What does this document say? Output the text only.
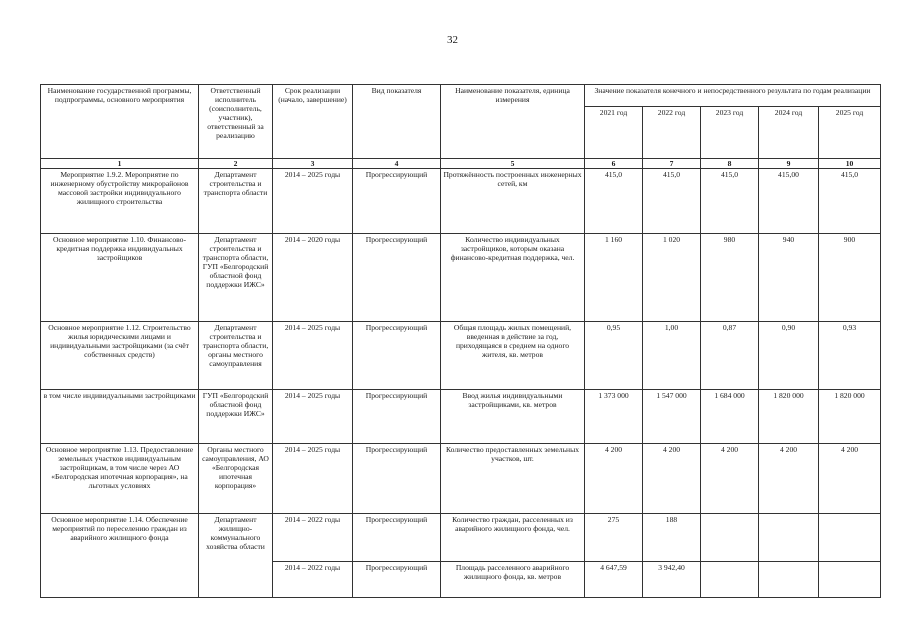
32
Наименование государственной программы, подпрограммы, основного мероприятия	Ответственный исполнитель (соисполнитель, участник), ответственный за реализацию	Срок реализации (начало, завершение)	Вид показателя	Наименование показателя, единица измерения	Значение показателя конечного и непосредственного результата по годам реализации				
					2021 год	2022 год	2023 год	2024 год	2025 год
1	2	3	4	5	6	7	8	9	10
Мероприятие 1.9.2. Мероприятие по инженерному обустройству микрорайонов массовой застройки индивидуального жилищного строительства	Департамент строительства и транспорта области	2014 – 2025 годы	Прогрессирующий	Протяжённость построенных инженерных сетей, км	415,0	415,0	415,0	415,00	415,0
Основное мероприятие 1.10. Финансово-кредитная поддержка индивидуальных застройщиков	Департамент строительства и транспорта области, ГУП «Белгородский областной фонд поддержки ИЖС»	2014 – 2020 годы	Прогрессирующий	Количество индивидуальных застройщиков, которым оказана финансово-кредитная поддержка, чел.	1 160	1 020	980	940	900
Основное мероприятие 1.12. Строительство жилья юридическими лицами и индивидуальными застройщиками (за счёт собственных средств)	Департамент строительства и транспорта области, органы местного самоуправления	2014 – 2025 годы	Прогрессирующий	Общая площадь жилых помещений, введенная в действие за год, приходящаяся в среднем на одного жителя, кв. метров	0,95	1,00	0,87	0,90	0,93
в том числе индивидуальными застройщиками	ГУП «Белгородский областной фонд поддержки ИЖС»	2014 – 2025 годы	Прогрессирующий	Ввод жилья индивидуальными застройщиками, кв. метров	1 373 000	1 547 000	1 684 000	1 820 000	1 820 000
Основное мероприятие 1.13. Предоставление земельных участков индивидуальным застройщикам, в том числе через АО «Белгородская ипотечная корпорация», на льготных условиях	Органы местного самоуправления, АО «Белгородская ипотечная корпорация»	2014 – 2025 годы	Прогрессирующий	Количество предоставленных земельных участков, шт.	4 200	4 200	4 200	4 200	4 200
Основное мероприятие 1.14. Обеспечение мероприятий по переселению граждан из аварийного жилищного фонда	Департамент жилищно-коммунального хозяйства области	2014 – 2022 годы	Прогрессирующий	Количество граждан, расселенных из аварийного жилищного фонда, чел.	275	188			
		2014 – 2022 годы	Прогрессирующий	Площадь расселенного аварийного жилищного фонда, кв. метров	4 647,59	3 942,40			
